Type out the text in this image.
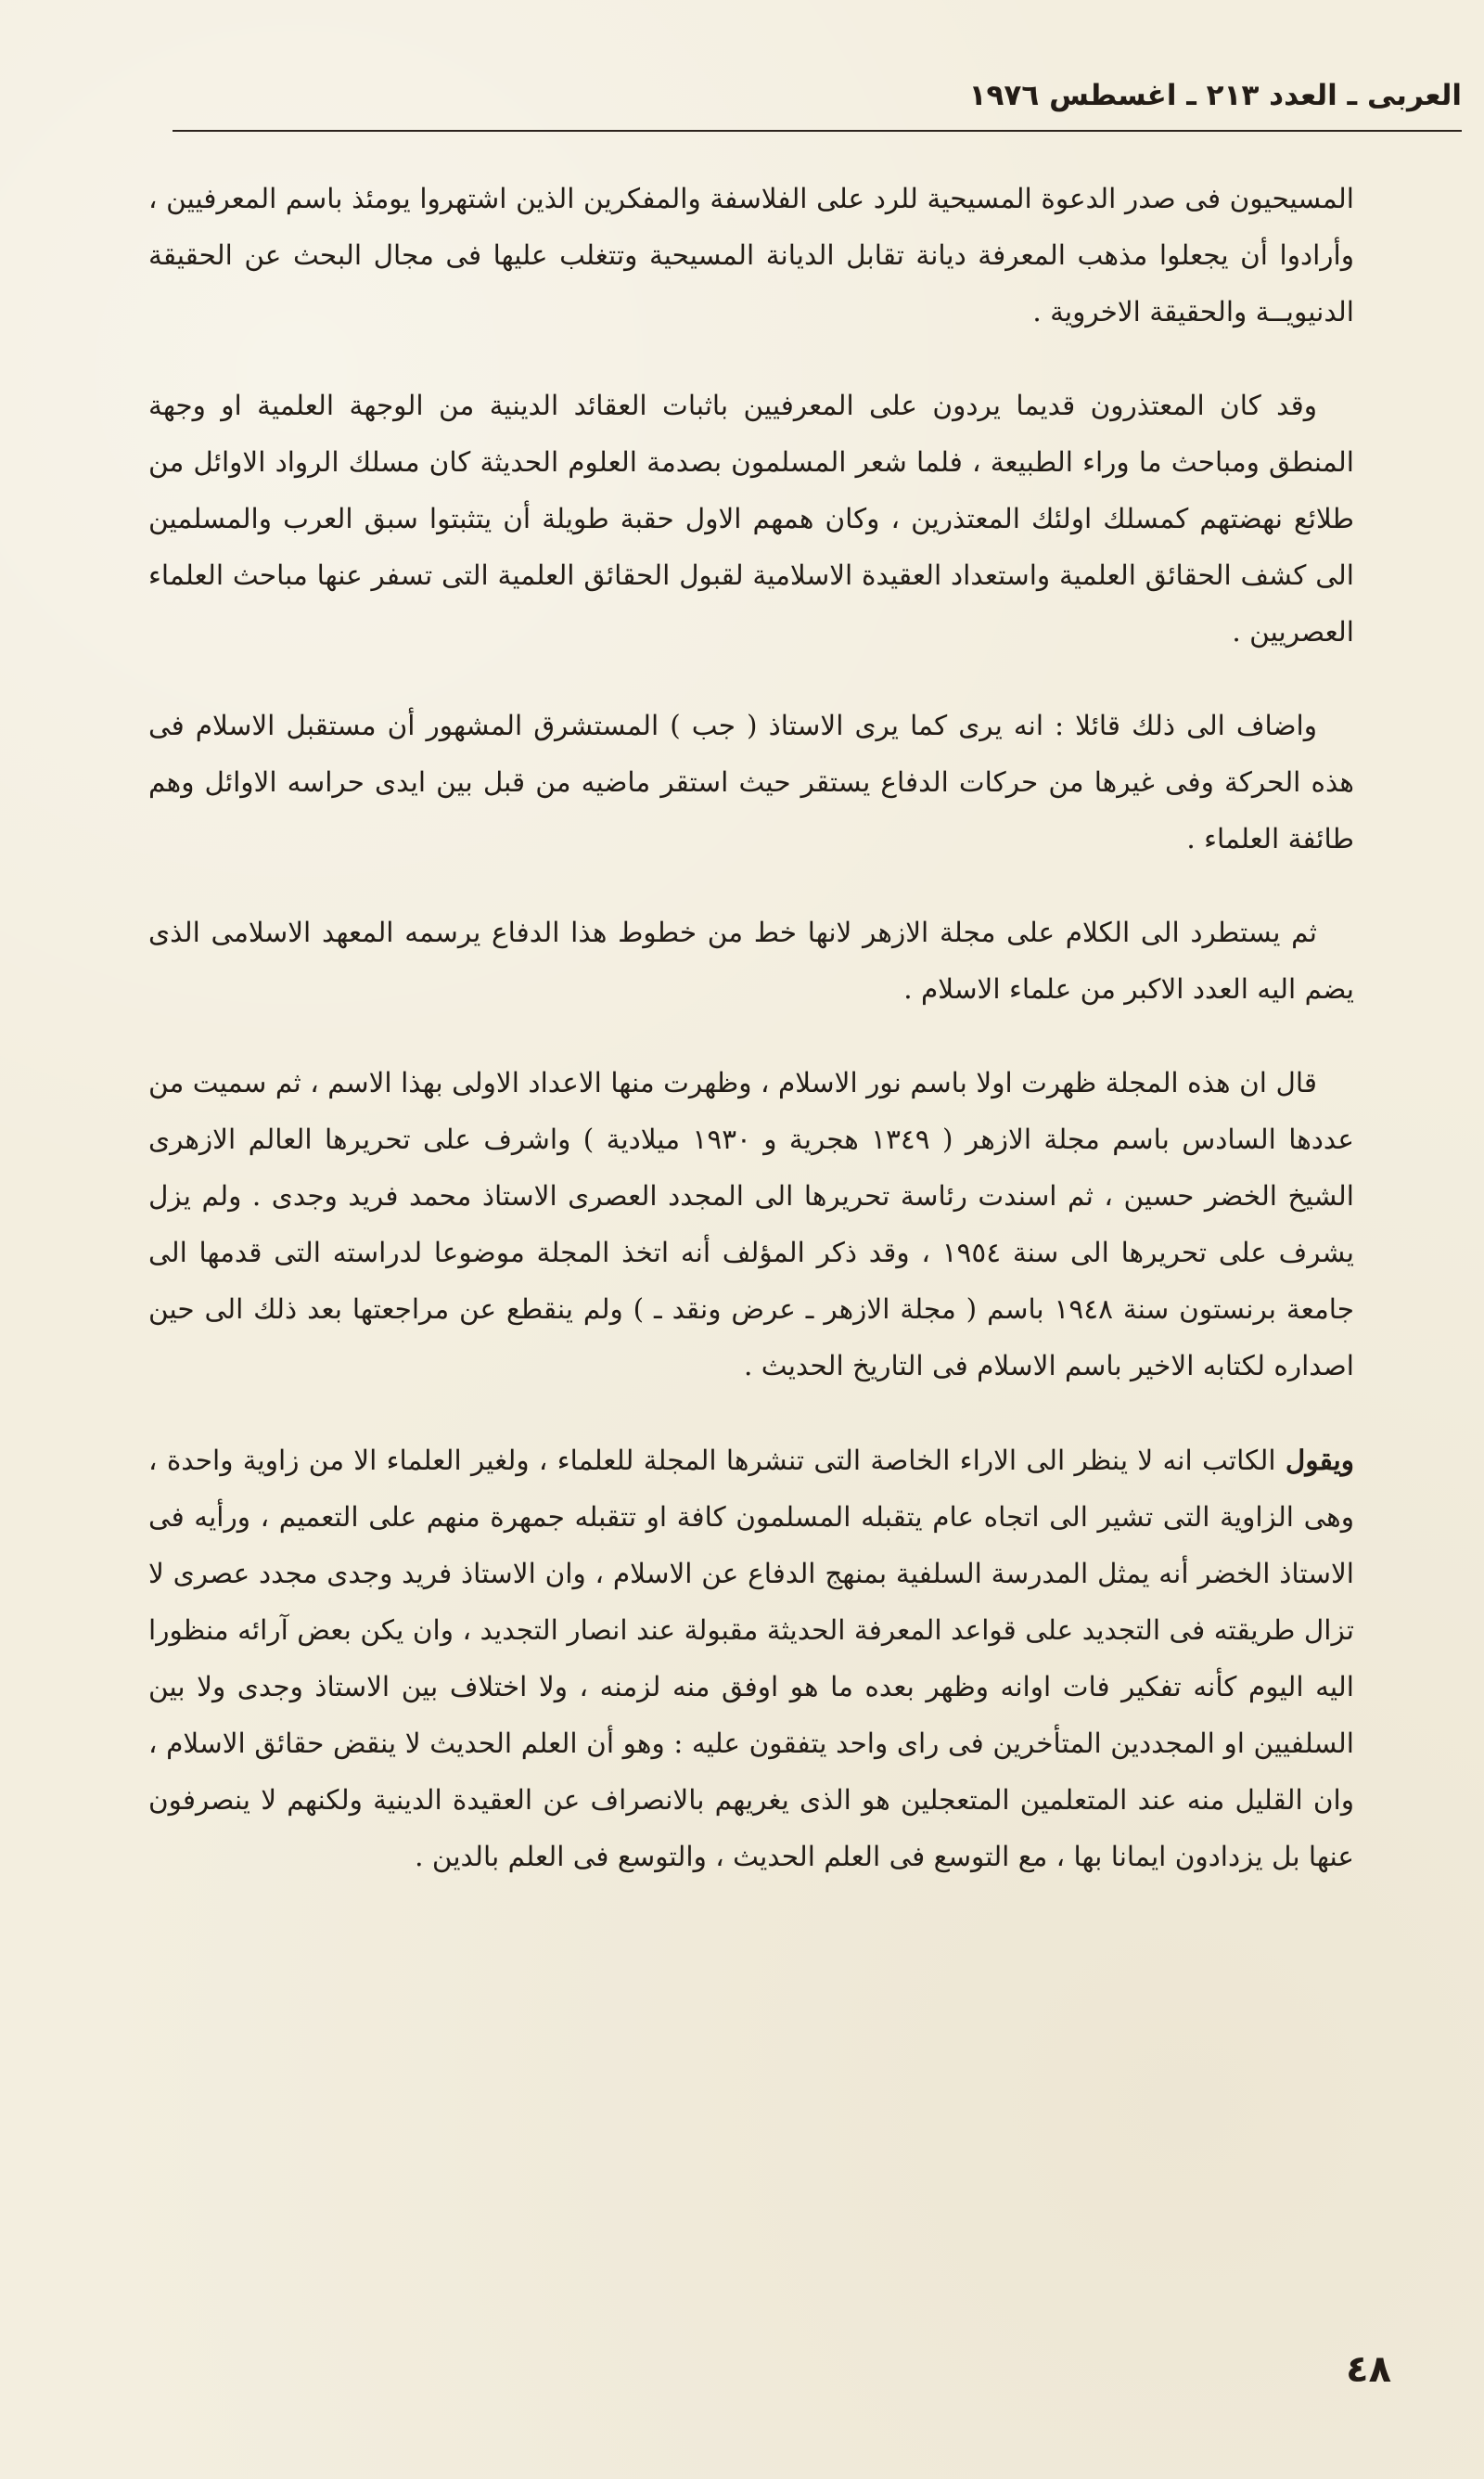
العربى ـ العدد ٢١٣ ـ اغسطس ١٩٧٦

المسيحيون فى صدر الدعوة المسيحية للرد على الفلاسفة والمفكرين الذين اشتهروا يومئذ باسم المعرفيين ، وأرادوا أن يجعلوا مذهب المعرفة ديانة تقابل الديانة المسيحية وتتغلب عليها فى مجال البحث عن الحقيقة الدنيويــة والحقيقة الاخروية .

وقد كان المعتذرون قديما يردون على المعرفيين باثبات العقائد الدينية من الوجهة العلمية او وجهة المنطق ومباحث ما وراء الطبيعة ، فلما شعر المسلمون بصدمة العلوم الحديثة كان مسلك الرواد الاوائل من طلائع نهضتهم كمسلك اولئك المعتذرين ، وكان همهم الاول حقبة طويلة أن يتثبتوا سبق العرب والمسلمين الى كشف الحقائق العلمية واستعداد العقيدة الاسلامية لقبول الحقائق العلمية التى تسفر عنها مباحث العلماء العصريين .

واضاف الى ذلك قائلا : انه يرى كما يرى الاستاذ ( جب ) المستشرق المشهور أن مستقبل الاسلام فى هذه الحركة وفى غيرها من حركات الدفاع يستقر حيث استقر ماضيه من قبل بين ايدى حراسه الاوائل وهم طائفة العلماء .

ثم يستطرد الى الكلام على مجلة الازهر لانها خط من خطوط هذا الدفاع يرسمه المعهد الاسلامى الذى يضم اليه العدد الاكبر من علماء الاسلام .

قال ان هذه المجلة ظهرت اولا باسم نور الاسلام ، وظهرت منها الاعداد الاولى بهذا الاسم ، ثم سميت من عددها السادس باسم مجلة الازهر ( ١٣٤٩ هجرية و ١٩٣٠ ميلادية ) واشرف على تحريرها العالم الازهرى الشيخ الخضر حسين ، ثم اسندت رئاسة تحريرها الى المجدد العصرى الاستاذ محمد فريد وجدى . ولم يزل يشرف على تحريرها الى سنة ١٩٥٤ ، وقد ذكر المؤلف أنه اتخذ المجلة موضوعا لدراسته التى قدمها الى جامعة برنستون سنة ١٩٤٨ باسم ( مجلة الازهر ـ عرض ونقد ـ ) ولم ينقطع عن مراجعتها بعد ذلك الى حين اصداره لكتابه الاخير باسم الاسلام فى التاريخ الحديث .

ويقول الكاتب انه لا ينظر الى الاراء الخاصة التى تنشرها المجلة للعلماء ، ولغير العلماء الا من زاوية واحدة ، وهى الزاوية التى تشير الى اتجاه عام يتقبله المسلمون كافة او تتقبله جمهرة منهم على التعميم ، ورأيه فى الاستاذ الخضر أنه يمثل المدرسة السلفية بمنهج الدفاع عن الاسلام ، وان الاستاذ فريد وجدى مجدد عصرى لا تزال طريقته فى التجديد على قواعد المعرفة الحديثة مقبولة عند انصار التجديد ، وان يكن بعض آرائه منظورا اليه اليوم كأنه تفكير فات اوانه وظهر بعده ما هو اوفق منه لزمنه ، ولا اختلاف بين الاستاذ وجدى ولا بين السلفيين او المجددين المتأخرين فى راى واحد يتفقون عليه : وهو أن العلم الحديث لا ينقض حقائق الاسلام ، وان القليل منه عند المتعلمين المتعجلين هو الذى يغريهم بالانصراف عن العقيدة الدينية ولكنهم لا ينصرفون عنها بل يزدادون ايمانا بها ، مع التوسع فى العلم الحديث ، والتوسع فى العلم بالدين .

٤٨
